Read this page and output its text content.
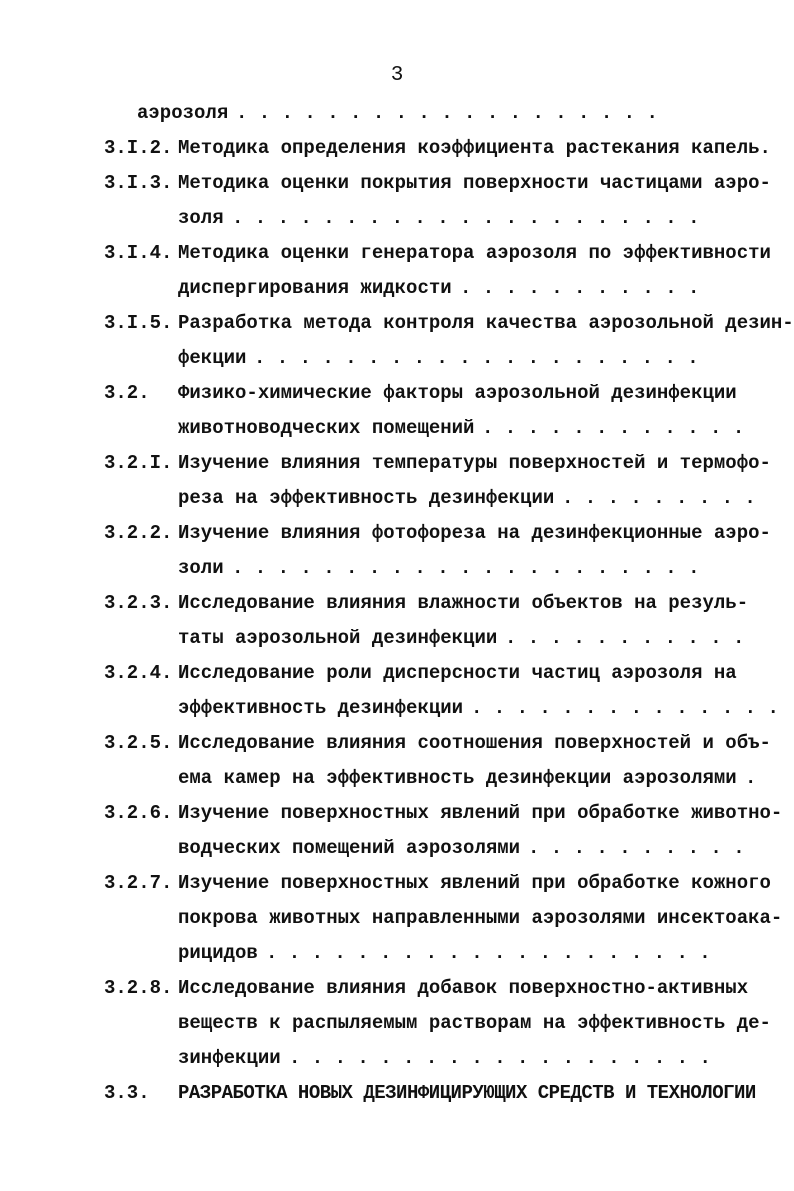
3
аэрозоля . . . . . . . . . . . . . . . . . . .
3.I.2. Методика определения коэффициента растекания капель.
3.I.3. Методика оценки покрытия поверхности частицами аэро-
золя . . . . . . . . . . . . . . . . . . . . .
3.I.4. Методика оценки генератора аэрозоля по эффективности
диспергирования жидкости . . . . . . . . . . .
3.I.5. Разработка метода контроля качества аэрозольной дезин-
фекции . . . . . . . . . . . . . . . . . . . .
3.2. Физико-химические факторы аэрозольной дезинфекции
животноводческих помещений . . . . . . . . . . . .
3.2.I. Изучение влияния температуры поверхностей и термофо-
реза на эффективность дезинфекции . . . . . . . . .
3.2.2. Изучение влияния фотофореза на дезинфекционные аэро-
золи . . . . . . . . . . . . . . . . . . . . .
3.2.3. Исследование влияния влажности объектов на резуль-
таты аэрозольной дезинфекции . . . . . . . . . . .
3.2.4. Исследование роли дисперсности частиц аэрозоля на
эффективность дезинфекции . . . . . . . . . . . . . .
3.2.5. Исследование влияния соотношения поверхностей и объ-
ема камер на эффективность дезинфекции аэрозолями .
3.2.6. Изучение поверхностных явлений при обработке животно-
водческих помещений аэрозолями . . . . . . . . . .
3.2.7. Изучение поверхностных явлений при обработке кожного
покрова животных направленными аэрозолями инсектоака-
рицидов . . . . . . . . . . . . . . . . . . . .
3.2.8. Исследование влияния добавок поверхностно-активных
веществ к распыляемым растворам на эффективность де-
зинфекции . . . . . . . . . . . . . . . . . . .
3.3. РАЗРАБОТКА НОВЫХ ДЕЗИНФИЦИРУЮЩИХ СРЕДСТВ И ТЕХНОЛОГИИ
